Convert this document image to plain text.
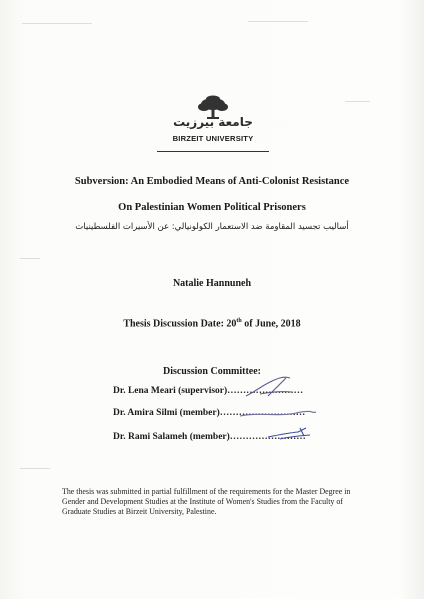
جامعة بيرزيت
BIRZEIT UNIVERSITY
Subversion: An Embodied Means of Anti-Colonist Resistance
On Palestinian Women Political Prisoners
أساليب تجسيد المقاومة ضد الاستعمار الكولونيالي: عن الأسيرات الفلسطينيات
Natalie Hannuneh
Thesis Discussion Date: 20th of June, 2018
Discussion Committee:
Dr. Lena Meari (supervisor)……………………
Dr. Amira Silmi (member)………………………
Dr. Rami Salameh (member)……………………
The thesis was submitted in partial fulfillment of the requirements for the Master Degree in Gender and Development Studies at the Institute of Women's Studies from the Faculty of Graduate Studies at Birzeit University, Palestine.
